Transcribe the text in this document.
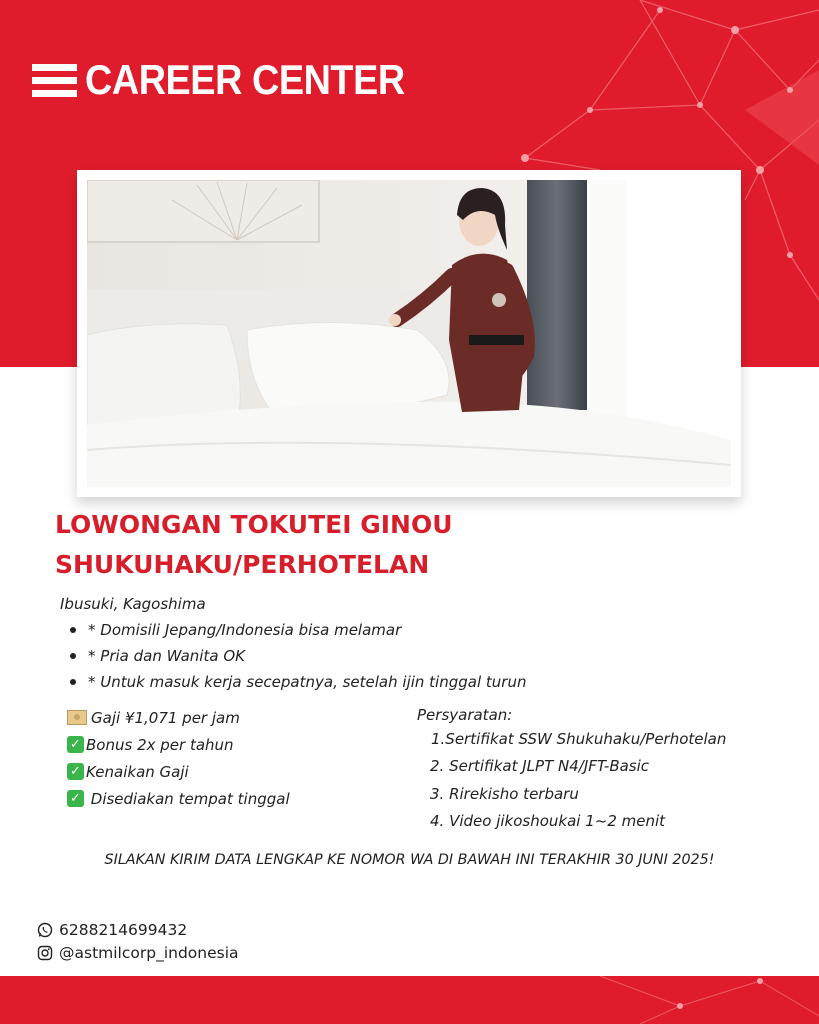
CAREER CENTER
LOWONGAN TOKUTEI GINOU
SHUKUHAKU/PERHOTELAN
Ibusuki, Kagoshima
* Domisili Jepang/Indonesia bisa melamar
* Pria dan Wanita OK
* Untuk masuk kerja secepatnya, setelah ijin tinggal turun
Gaji ¥1,071 per jam
✓ Bonus 2x per tahun
✓ Kenaikan Gaji
✓ Disediakan tempat tinggal
Persyaratan:
1.Sertifikat SSW Shukuhaku/Perhotelan
2. Sertifikat JLPT N4/JFT-Basic
3. Rirekisho terbaru
4. Video jikoshoukai 1~2 menit
SILAKAN KIRIM DATA LENGKAP KE NOMOR WA DI BAWAH INI TERAKHIR 30 JUNI 2025!
6288214699432
@astmilcorp_indonesia
